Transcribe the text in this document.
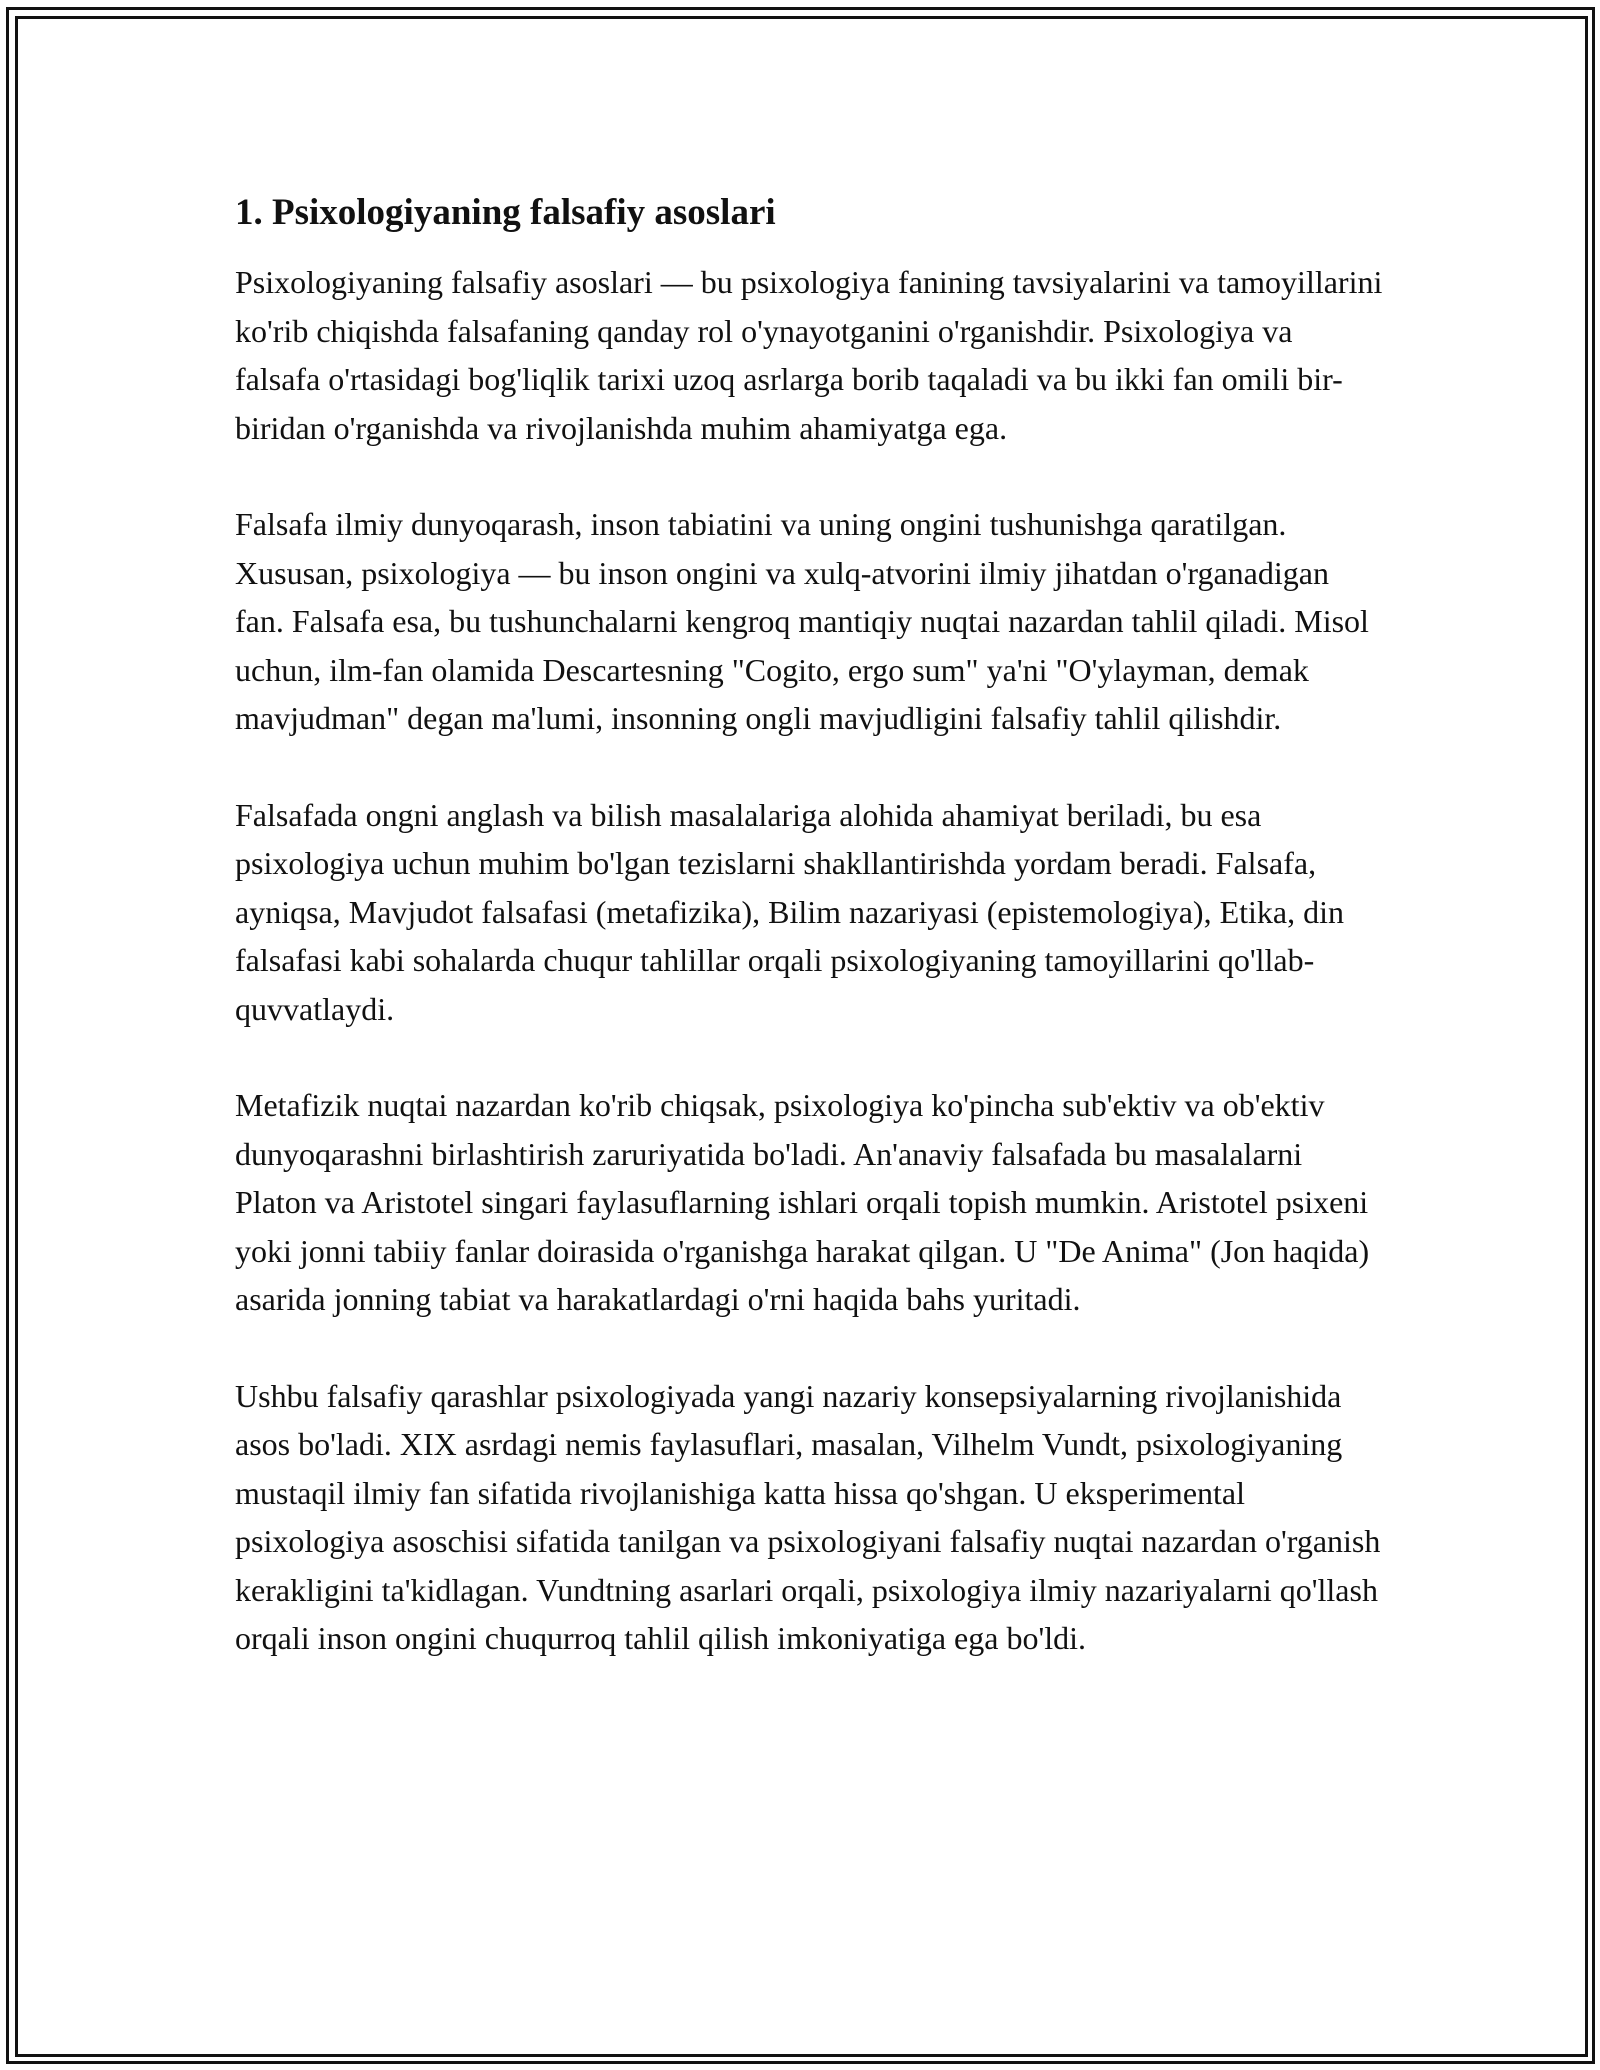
1. Psixologiyaning falsafiy asoslari

Psixologiyaning falsafiy asoslari — bu psixologiya fanining tavsiyalarini va tamoyillarini ko'rib chiqishda falsafaning qanday rol o'ynayotganini o'rganishdir. Psixologiya va falsafa o'rtasidagi bog'liqlik tarixi uzoq asrlarga borib taqaladi va bu ikki fan omili bir-biridan o'rganishda va rivojlanishda muhim ahamiyatga ega.

Falsafa ilmiy dunyoqarash, inson tabiatini va uning ongini tushunishga qaratilgan. Xususan, psixologiya — bu inson ongini va xulq-atvorini ilmiy jihatdan o'rganadigan fan. Falsafa esa, bu tushunchalarni kengroq mantiqiy nuqtai nazardan tahlil qiladi. Misol uchun, ilm-fan olamida Descartesning "Cogito, ergo sum" ya'ni "O'ylayman, demak mavjudman" degan ma'lumi, insonning ongli mavjudligini falsafiy tahlil qilishdir.

Falsafada ongni anglash va bilish masalalariga alohida ahamiyat beriladi, bu esa psixologiya uchun muhim bo'lgan tezislarni shakllantirishda yordam beradi. Falsafa, ayniqsa, Mavjudot falsafasi (metafizika), Bilim nazariyasi (epistemologiya), Etika, din falsafasi kabi sohalarda chuqur tahlillar orqali psixologiyaning tamoyillarini qo'llab-quvvatlaydi.

Metafizik nuqtai nazardan ko'rib chiqsak, psixologiya ko'pincha sub'ektiv va ob'ektiv dunyoqarashni birlashtirish zaruriyatida bo'ladi. An'anaviy falsafada bu masalalarni Platon va Aristotel singari faylasuflarning ishlari orqali topish mumkin. Aristotel psixeni yoki jonni tabiiy fanlar doirasida o'rganishga harakat qilgan. U "De Anima" (Jon haqida) asarida jonning tabiat va harakatlardagi o'rni haqida bahs yuritadi.

Ushbu falsafiy qarashlar psixologiyada yangi nazariy konsepsiyalarning rivojlanishida asos bo'ladi. XIX asrdagi nemis faylasuflari, masalan, Vilhelm Vundt, psixologiyaning mustaqil ilmiy fan sifatida rivojlanishiga katta hissa qo'shgan. U eksperimental psixologiya asoschisi sifatida tanilgan va psixologiyani falsafiy nuqtai nazardan o'rganish kerakligini ta'kidlagan. Vundtning asarlari orqali, psixologiya ilmiy nazariyalarni qo'llash orqali inson ongini chuqurroq tahlil qilish imkoniyatiga ega bo'ldi.
